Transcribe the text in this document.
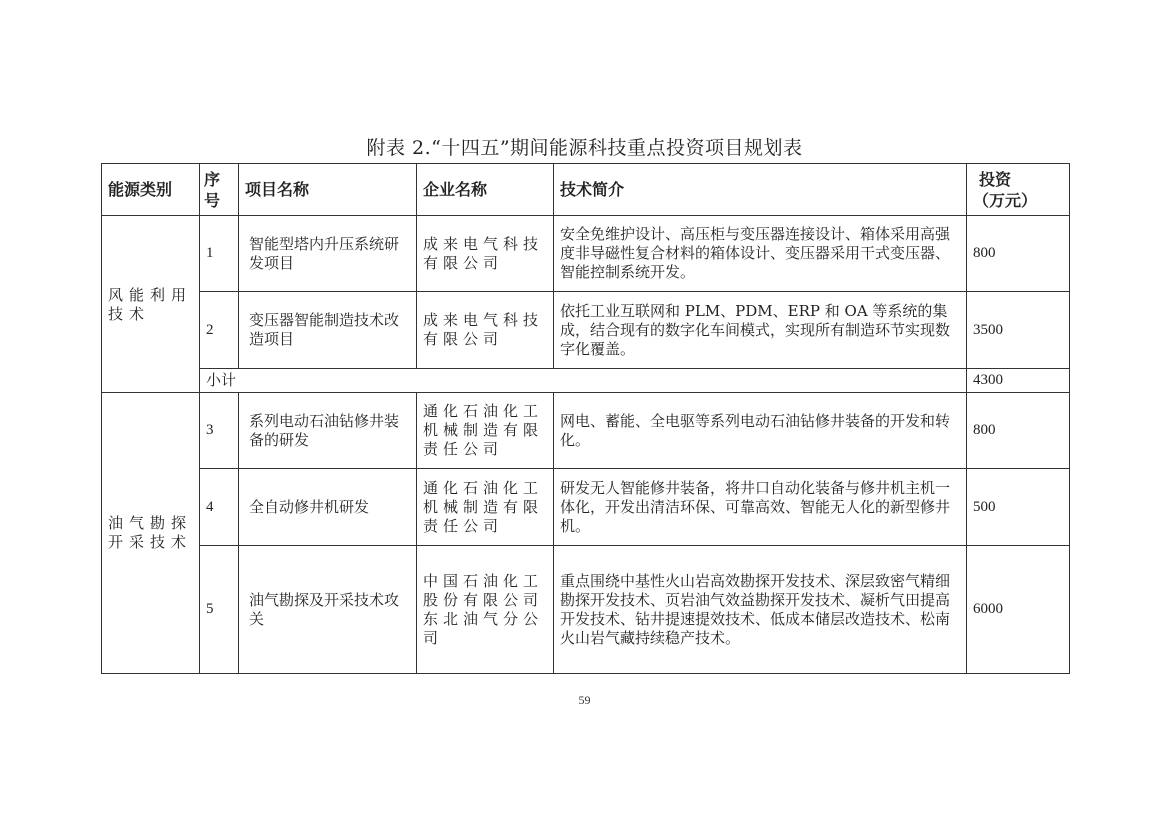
附表 2.“十四五”期间能源科技重点投资项目规划表
能源类别	序号	项目名称	企业名称	技术简介	投资
（万元）

风能利用技术	1	智能型塔内升压系统研发项目	成来电气科技有限公司	安全免维护设计、高压柜与变压器连接设计、箱体采用高强度非导磁性复合材料的箱体设计、变压器采用干式变压器、智能控制系统开发。	800
	2	变压器智能制造技术改造项目	成来电气科技有限公司	依托工业互联网和 PLM、PDM、ERP 和 OA 等系统的集成，结合现有的数字化车间模式，实现所有制造环节实现数字化覆盖。	3500
	小计				4300
油气勘探开采技术	3	系列电动石油钻修井装备的研发	通化石油化工机械制造有限责任公司	网电、蓄能、全电驱等系列电动石油钻修井装备的开发和转化。	800
	4	全自动修井机研发	通化石油化工机械制造有限责任公司	研发无人智能修井装备，将井口自动化装备与修井机主机一体化，开发出清洁环保、可靠高效、智能无人化的新型修井机。	500
	5	油气勘探及开采技术攻关	中国石油化工股份有限公司东北油气分公司	重点围绕中基性火山岩高效勘探开发技术、深层致密气精细勘探开发技术、页岩油气效益勘探开发技术、凝析气田提高开发技术、钻井提速提效技术、低成本储层改造技术、松南火山岩气藏持续稳产技术。	6000
59
